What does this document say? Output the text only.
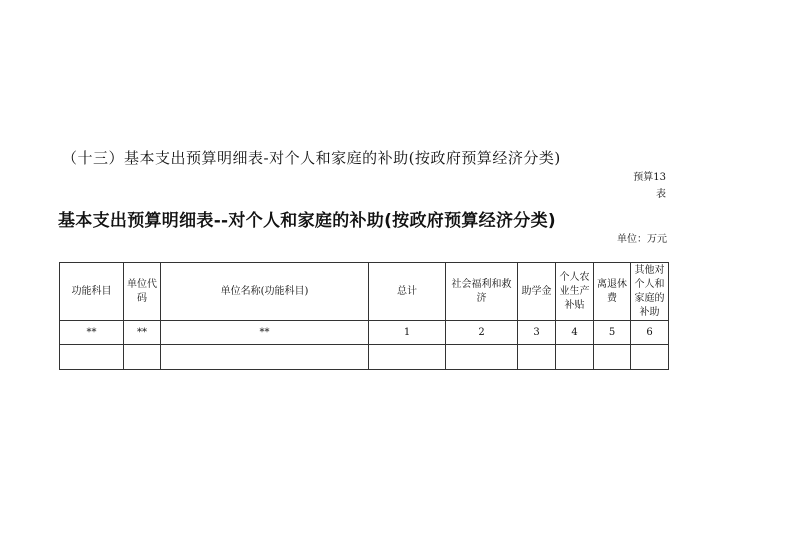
（十三）基本支出预算明细表-对个人和家庭的补助(按政府预算经济分类)
预算13表
基本支出预算明细表--对个人和家庭的补助(按政府预算经济分类)
单位：万元
功能科目	单位代码	单位名称(功能科目)	总计	社会福利和救济	助学金	个人农业生产补贴	离退休费	其他对个人和家庭的补助
**	**	**	1	2	3	4	5	6
